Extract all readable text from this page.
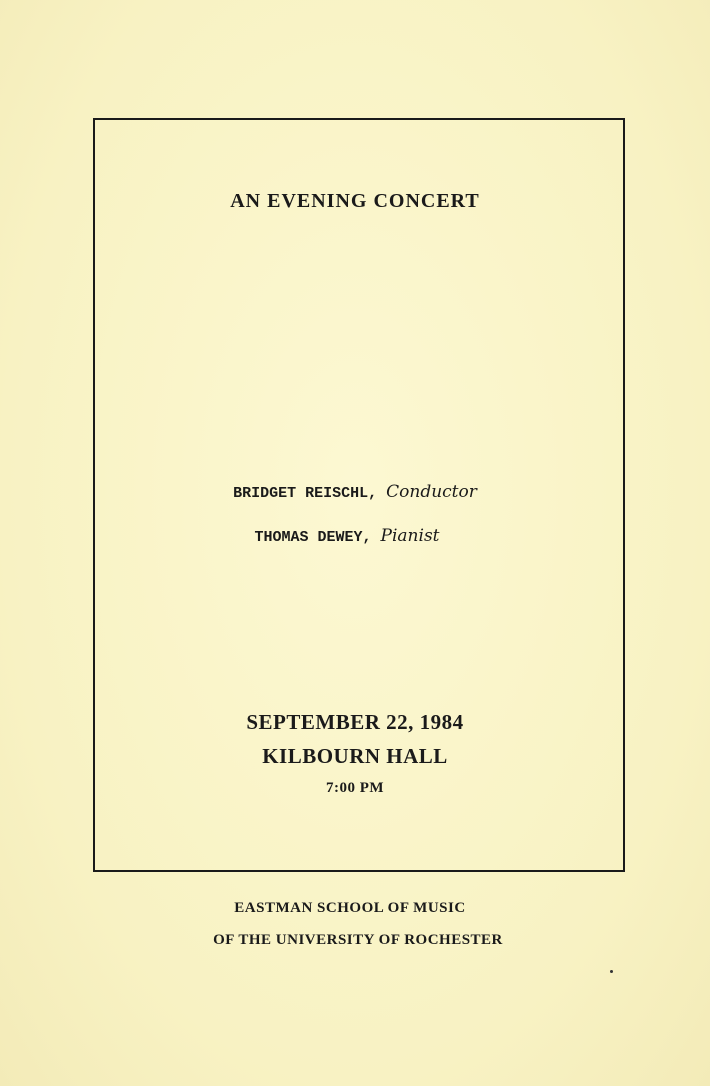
AN EVENING CONCERT
BRIDGET REISCHL, Conductor
THOMAS DEWEY, Pianist
SEPTEMBER 22, 1984
KILBOURN HALL
7:00 PM
EASTMAN SCHOOL OF MUSIC
OF THE UNIVERSITY OF ROCHESTER
